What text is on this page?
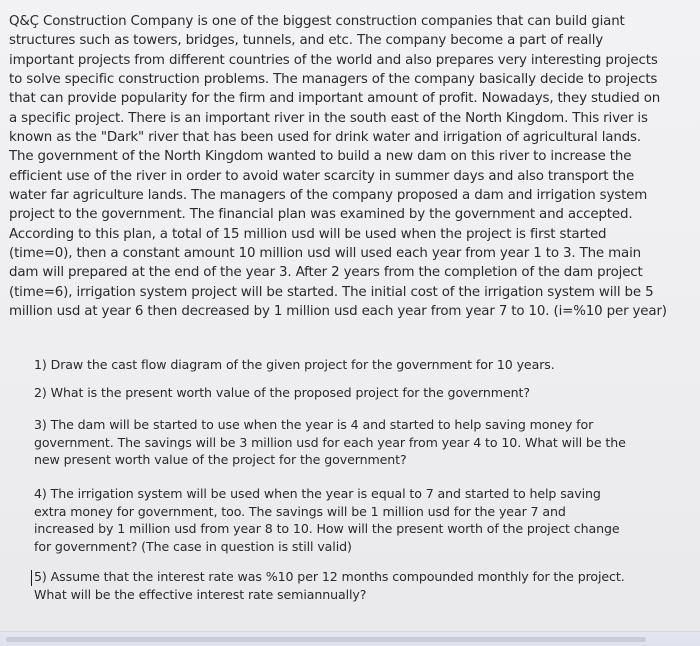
Q&Ç Construction Company is one of the biggest construction companies that can build giant structures such as towers, bridges, tunnels, and etc. The company become a part of really important projects from different countries of the world and also prepares very interesting projects to solve specific construction problems. The managers of the company basically decide to projects that can provide popularity for the firm and important amount of profit. Nowadays, they studied on a specific project. There is an important river in the south east of the North Kingdom. This river is known as the "Dark" river that has been used for drink water and irrigation of agricultural lands. The government of the North Kingdom wanted to build a new dam on this river to increase the efficient use of the river in order to avoid water scarcity in summer days and also transport the water far agriculture lands. The managers of the company proposed a dam and irrigation system project to the government. The financial plan was examined by the government and accepted. According to this plan, a total of 15 million usd will be used when the project is first started (time=0), then a constant amount 10 million usd will used each year from year 1 to 3. The main dam will prepared at the end of the year 3. After 2 years from the completion of the dam project (time=6), irrigation system project will be started. The initial cost of the irrigation system will be 5 million usd at year 6 then decreased by 1 million usd each year from year 7 to 10. (i=%10 per year)

1) Draw the cast flow diagram of the given project for the government for 10 years.

2) What is the present worth value of the proposed project for the government?

3) The dam will be started to use when the year is 4 and started to help saving money for government. The savings will be 3 million usd for each year from year 4 to 10. What will be the new present worth value of the project for the government?

4) The irrigation system will be used when the year is equal to 7 and started to help saving extra money for government, too. The savings will be 1 million usd for the year 7 and increased by 1 million usd from year 8 to 10. How will the present worth of the project change for government? (The case in question is still valid)

5) Assume that the interest rate was %10 per 12 months compounded monthly for the project. What will be the effective interest rate semiannually?
